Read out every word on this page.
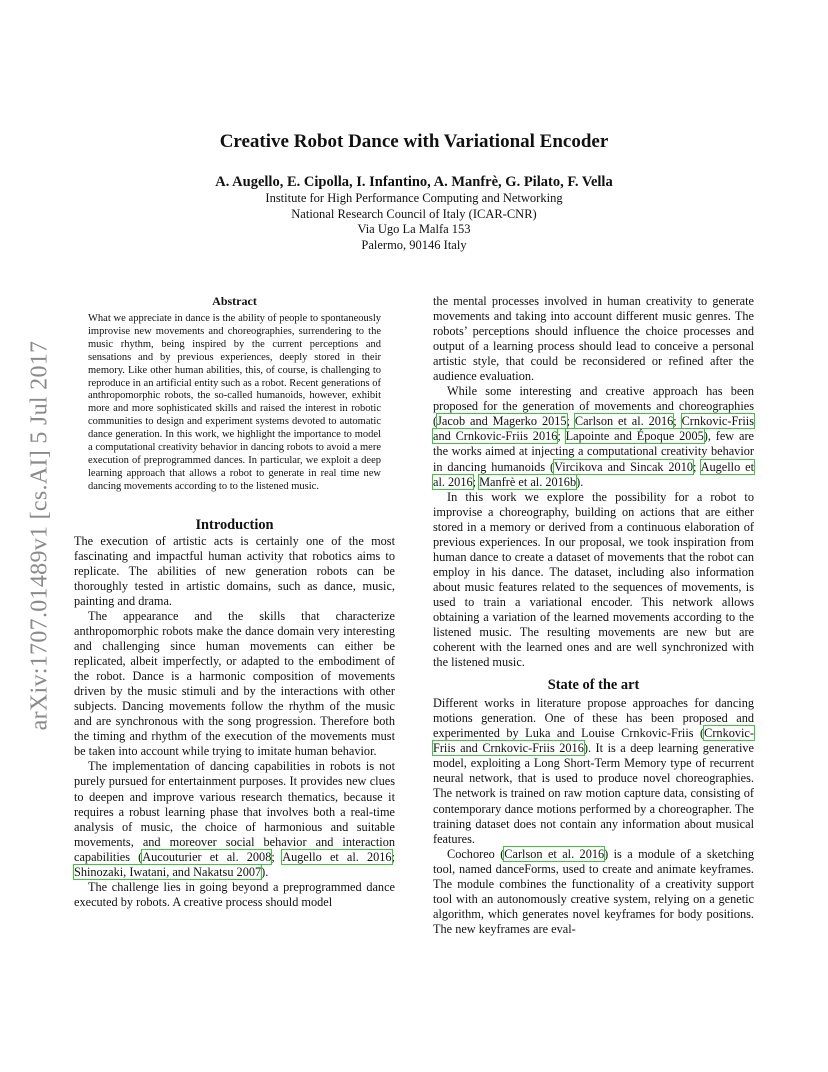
arXiv:1707.01489v1 [cs.AI] 5 Jul 2017
Creative Robot Dance with Variational Encoder
A. Augello, E. Cipolla, I. Infantino, A. Manfrè, G. Pilato, F. Vella
Institute for High Performance Computing and Networking
National Research Council of Italy (ICAR-CNR)
Via Ugo La Malfa 153
Palermo, 90146 Italy
Abstract
What we appreciate in dance is the ability of people to spontaneously improvise new movements and choreographies, surrendering to the music rhythm, being inspired by the current perceptions and sensations and by previous experiences, deeply stored in their memory. Like other human abilities, this, of course, is challenging to reproduce in an artificial entity such as a robot. Recent generations of anthropomorphic robots, the so-called humanoids, however, exhibit more and more sophisticated skills and raised the interest in robotic communities to design and experiment systems devoted to automatic dance generation. In this work, we highlight the importance to model a computational creativity behavior in dancing robots to avoid a mere execution of preprogrammed dances. In particular, we exploit a deep learning approach that allows a robot to generate in real time new dancing movements according to to the listened music.
Introduction

The execution of artistic acts is certainly one of the most fascinating and impactful human activity that robotics aims to replicate. The abilities of new generation robots can be thoroughly tested in artistic domains, such as dance, music, painting and drama.

The appearance and the skills that characterize anthropomorphic robots make the dance domain very interesting and challenging since human movements can either be replicated, albeit imperfectly, or adapted to the embodiment of the robot. Dance is a harmonic composition of movements driven by the music stimuli and by the interactions with other subjects. Dancing movements follow the rhythm of the music and are synchronous with the song progression. Therefore both the timing and rhythm of the execution of the movements must be taken into account while trying to imitate human behavior.

The implementation of dancing capabilities in robots is not purely pursued for entertainment purposes. It provides new clues to deepen and improve various research thematics, because it requires a robust learning phase that involves both a real-time analysis of music, the choice of harmonious and suitable movements, and moreover social behavior and interaction capabilities (Aucouturier et al. 2008; Augello et al. 2016; Shinozaki, Iwatani, and Nakatsu 2007).

The challenge lies in going beyond a preprogrammed dance executed by robots. A creative process should model

the mental processes involved in human creativity to generate movements and taking into account different music genres. The robots’ perceptions should influence the choice processes and output of a learning process should lead to conceive a personal artistic style, that could be reconsidered or refined after the audience evaluation.

While some interesting and creative approach has been proposed for the generation of movements and choreographies (Jacob and Magerko 2015; Carlson et al. 2016; Crnkovic-Friis and Crnkovic-Friis 2016; Lapointe and Époque 2005), few are the works aimed at injecting a computational creativity behavior in dancing humanoids (Vircikova and Sincak 2010; Augello et al. 2016; Manfrè et al. 2016b).

In this work we explore the possibility for a robot to improvise a choreography, building on actions that are either stored in a memory or derived from a continuous elaboration of previous experiences. In our proposal, we took inspiration from human dance to create a dataset of movements that the robot can employ in his dance. The dataset, including also information about music features related to the sequences of movements, is used to train a variational encoder. This network allows obtaining a variation of the learned movements according to the listened music. The resulting movements are new but are coherent with the learned ones and are well synchronized with the listened music.

State of the art

Different works in literature propose approaches for dancing motions generation. One of these has been proposed and experimented by Luka and Louise Crnkovic-Friis (Crnkovic-Friis and Crnkovic-Friis 2016). It is a deep learning generative model, exploiting a Long Short-Term Memory type of recurrent neural network, that is used to produce novel choreographies. The network is trained on raw motion capture data, consisting of contemporary dance motions performed by a choreographer. The training dataset does not contain any information about musical features.

Cochoreo (Carlson et al. 2016) is a module of a sketching tool, named danceForms, used to create and animate keyframes. The module combines the functionality of a creativity support tool with an autonomously creative system, relying on a genetic algorithm, which generates novel keyframes for body positions. The new keyframes are eval-
